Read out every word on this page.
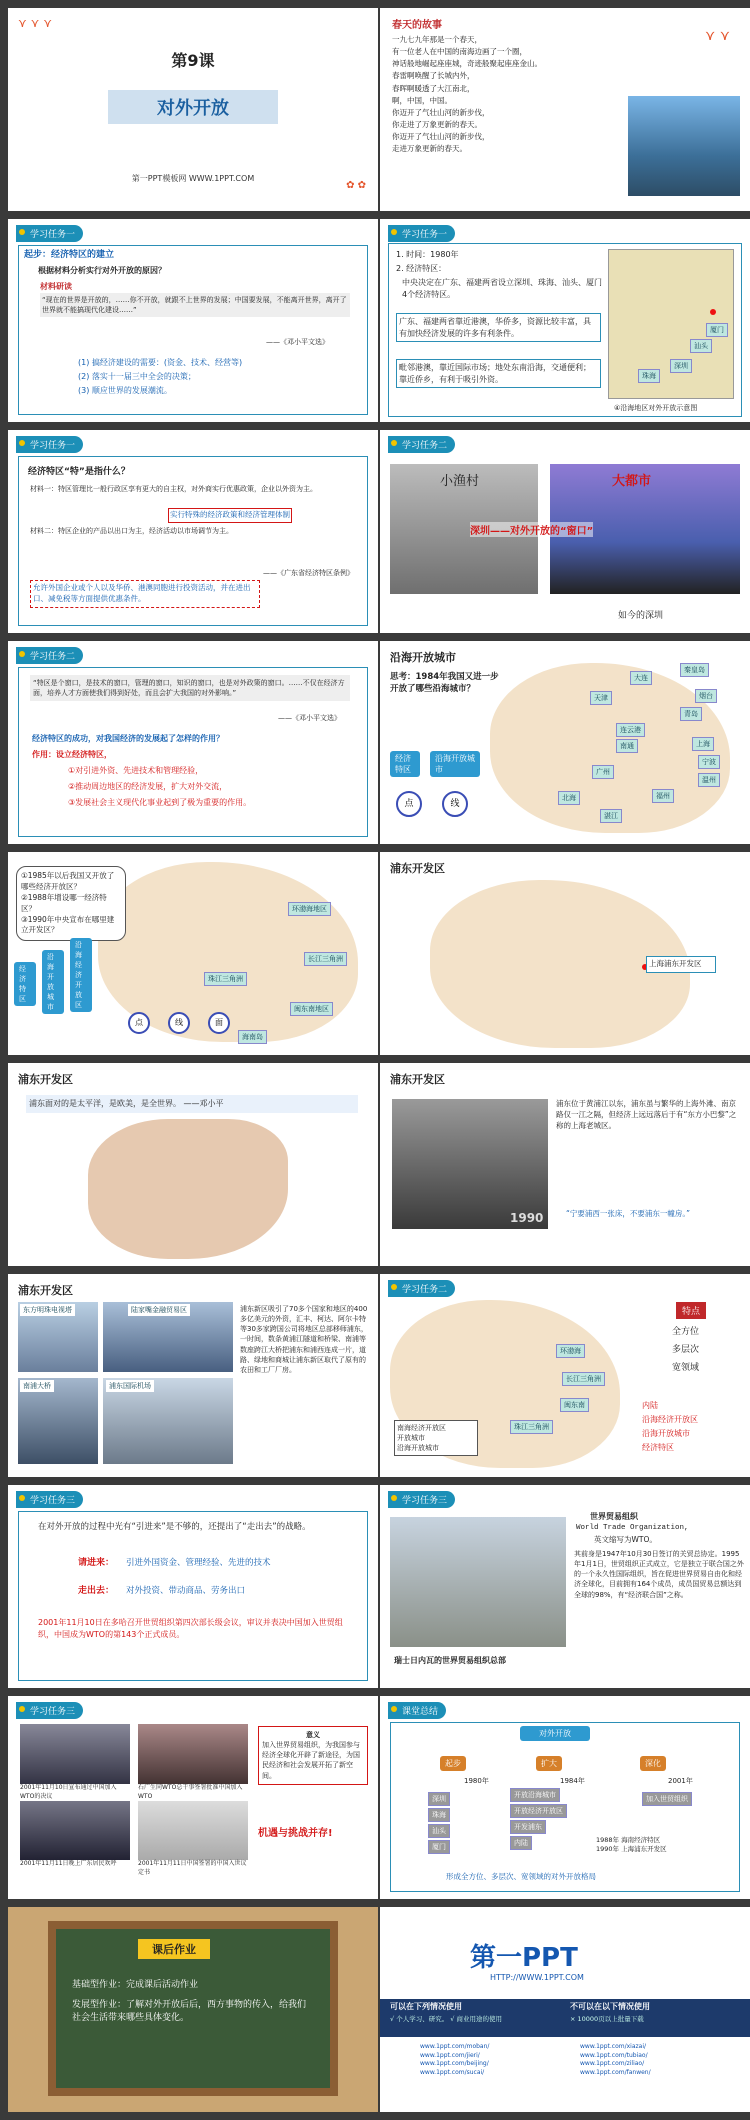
⋎ ⋎ ⋎
第9课
对外开放
第一PPT模板网 WWW.1PPT.COM
✿ ✿
春天的故事
一九七九年那是一个春天，
有一位老人在中国的南海边画了一个圈，
神话般地崛起座座城，奇迹般聚起座座金山。
春雷啊唤醒了长城内外，
春晖啊暖透了大江南北，
啊，中国，中国。
你迈开了气壮山河的新步伐，
你走进了万象更新的春天。
你迈开了气壮山河的新步伐，
走进万象更新的春天。
⋎ ⋎
学习任务一
起步：经济特区的建立
根据材料分析实行对外开放的原因？
材料研读
“现在的世界是开放的，……你不开放，就跟不上世界的发展；中国要发展，不能离开世界，离开了世界就不能搞现代化建设……”
——《邓小平文选》
(1) 搞经济建设的需要：(资金、技术、经营等)
(2) 落实十一届三中全会的决策；
(3) 顺应世界的发展潮流。
学习任务一
1. 时间：1980年
2. 经济特区：
中央决定在广东、福建两省设立深圳、珠海、汕头、厦门4个经济特区。
广东、福建两省靠近港澳，华侨多，资源比较丰富，具有加快经济发展的许多有利条件。
毗邻港澳，靠近国际市场；地处东南沿海，交通便利；靠近侨乡，有利于吸引外资。
深圳
珠海
汕头
厦门
④沿海地区对外开放示意图
学习任务一
经济特区“特”是指什么？
材料一：特区管理比一般行政区享有更大的自主权，对外商实行优惠政策，企业以外资为主。
实行特殊的经济政策和经济管理体制
材料二：特区企业的产品以出口为主，经济活动以市场调节为主。
——《广东省经济特区条例》
允许外国企业或个人以及华侨、港澳同胞进行投资活动，并在进出口、减免税等方面提供优惠条件。
学习任务二
小渔村	大都市
深圳——对外开放的“窗口”
如今的深圳
学习任务二
“特区是个窗口，是技术的窗口，管理的窗口，知识的窗口，也是对外政策的窗口。……不仅在经济方面，培养人才方面使我们得到好处，而且会扩大我国的对外影响。”
——《邓小平文选》
经济特区的成功，对我国经济的发展起了怎样的作用？
作用：设立经济特区，
①对引进外资、先进技术和管理经验，
②推动周边地区的经济发展，扩大对外交流，
③发展社会主义现代化事业起到了极为重要的作用。
沿海开放城市
思考：1984年我国又进一步开放了哪些沿海城市？
经济特区
沿海开放城市
点	线
大连
秦皇岛
天津	烟台
青岛
连云港
南通	上海
宁波
温州
福州
广州
湛江
北海
①1985年以后我国又开放了哪些经济开放区？
②1988年增设哪一经济特区？
③1990年中央宣布在哪里建立开发区？
经济特区
沿海开放城市
沿海经济开放区
环渤海地区
长江三角洲
珠江三角洲
闽东南地区
海南岛
点	线	面
浦东开发区
上海浦东开发区
浦东开发区
浦东面对的是太平洋，是欧美，是全世界。 ——邓小平
浦东开发区
1990
浦东位于黄浦江以东，浦东虽与繁华的上海外滩、南京路仅一江之隔，但经济上远远落后于有“东方小巴黎”之称的上海老城区。
“宁要浦西一张床，不要浦东一幢房。”
浦东开发区
东方明珠电视塔	陆家嘴金融贸易区
南浦大桥	浦东国际机场
浦东新区吸引了70多个国家和地区的400多亿美元的外资，汇丰、柯达、阿尔卡特等30多家跨国公司将地区总部移师浦东，一时间，数条黄浦江隧道和桥梁、南浦等数座跨江大桥把浦东和浦西连成一片，道路、绿地和商城让浦东新区取代了原有的农田和工厂厂房。
学习任务二
环渤海
长江三角洲
闽东南
珠江三角洲
南海经济开放区
开放城市
沿海开放城市
特点
全方位
多层次
宽领域
内陆
沿海经济开放区
沿海开放城市
经济特区
学习任务三
在对外开放的过程中光有“引进来”是不够的，还提出了“走出去”的战略。
请进来： 引进外国资金、管理经验、先进的技术
走出去： 对外投资、带动商品、劳务出口
2001年11月10日在多哈召开世贸组织第四次部长级会议，审议并表决中国加入世贸组织，中国成为WTO的第143个正式成员。
学习任务三
瑞士日内瓦的世界贸易组织总部
世界贸易组织
World Trade Organization,
英文缩写为WTO。
其前身是1947年10月30日签订的关贸总协定。1995年1月1日，世贸组织正式成立，它是独立于联合国之外的一个永久性国际组织，旨在促进世界贸易自由化和经济全球化，目前拥有164个成员，成员国贸易总额达到全球的98%，有“经济联合国”之称。
学习任务三
2001年11月10日宣布通过中国加入WTO的决议
石广生同WTO总干事签署批准中国加入WTO
2001年11月11日晚上广东居民欢呼	2001年11月11日中国签署的中国入世议定书
意义
加入世界贸易组织，为我国参与经济全球化开辟了新途径，为国民经济和社会发展开拓了新空间。
机遇与挑战并存!
课堂总结
对外开放
起步	扩大	深化
1980年	1984年	2001年
深圳
珠海
汕头
厦门
开放沿海城市
开放经济开放区
开发浦东
内陆
加入世贸组织
1988年 海南经济特区
1990年 上海浦东开发区
形成全方位、多层次、宽领域的对外开放格局
课后作业
基础型作业：完成课后活动作业
发展型作业：了解对外开放后后，西方事物的传入，给我们社会生活带来哪些具体变化。
第一PPT
HTTP://WWW.1PPT.COM
可以在下列情况使用
√ 个人学习、研究。 √ 商业用途的使用
不可以在以下情况使用
× 10000页以上批量下载
www.1ppt.com/moban/
www.1ppt.com/jieri/
www.1ppt.com/beijing/
www.1ppt.com/sucai/
www.1ppt.com/xiazai/
www.1ppt.com/tubiao/
www.1ppt.com/ziliao/
www.1ppt.com/fanwen/
